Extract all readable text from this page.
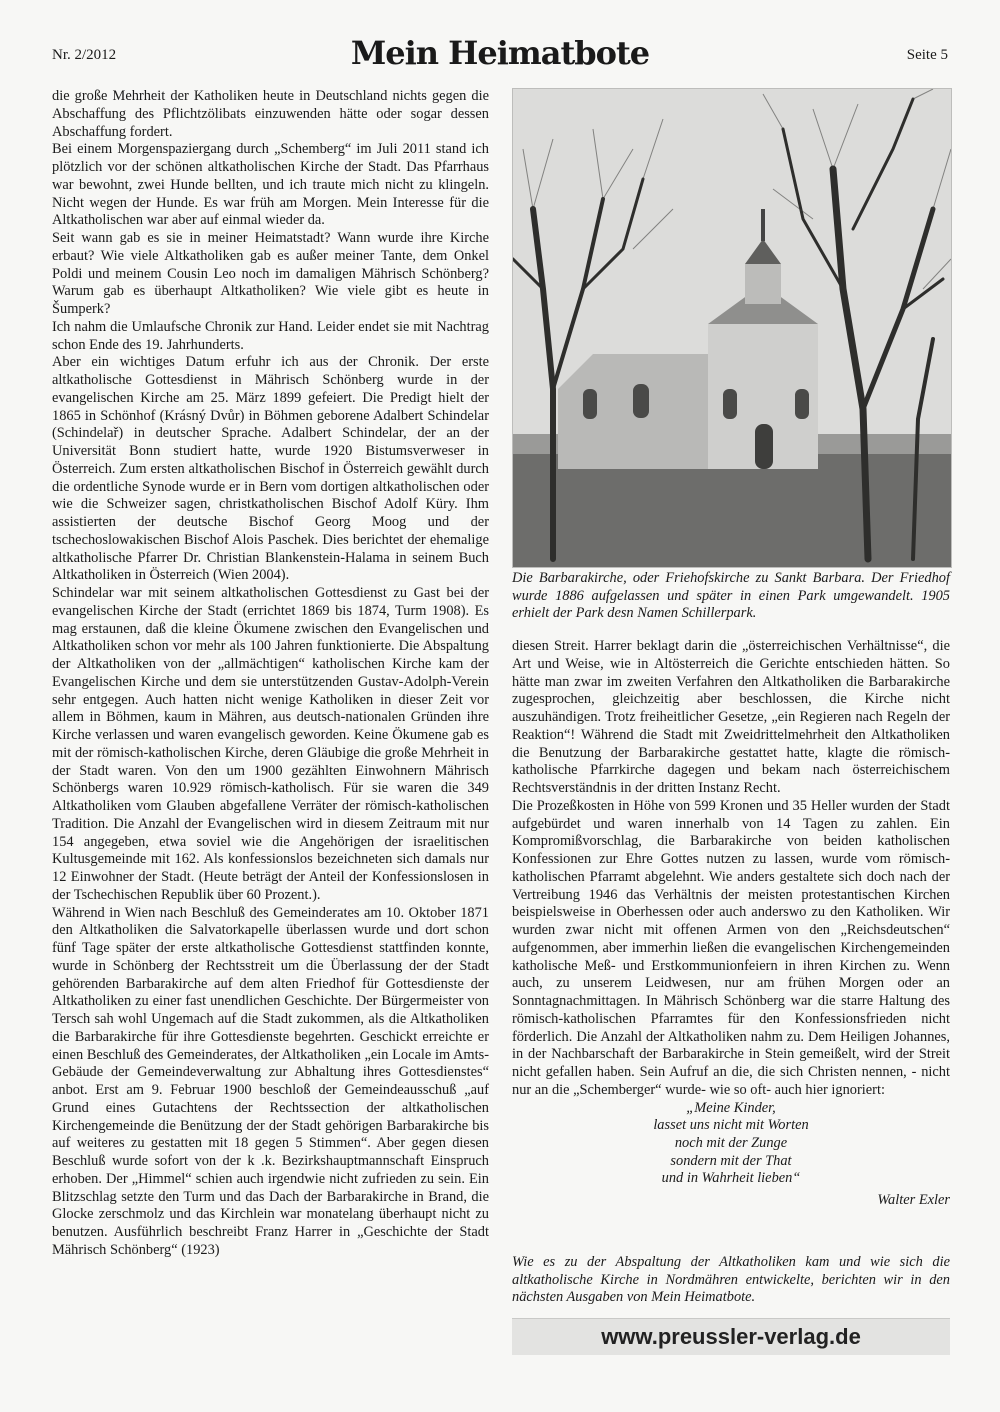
Nr. 2/2012	Mein Heimatbote	Seite 5

die große Mehrheit der Katholiken heute in Deutschland nichts gegen die Abschaffung des Pflichtzölibats einzuwenden hätte oder sogar dessen Abschaffung fordert.

Bei einem Morgenspaziergang durch „Schemberg“ im Juli 2011 stand ich plötzlich vor der schönen altkatholischen Kirche der Stadt. Das Pfarrhaus war bewohnt, zwei Hunde bellten, und ich traute mich nicht zu klingeln. Nicht wegen der Hunde. Es war früh am Morgen. Mein Interesse für die Altkatholischen war aber auf einmal wieder da.

Seit wann gab es sie in meiner Heimatstadt? Wann wurde ihre Kirche erbaut? Wie viele Altkatholiken gab es außer meiner Tante, dem Onkel Poldi und meinem Cousin Leo noch im damaligen Mährisch Schönberg? Warum gab es überhaupt Altkatholiken? Wie viele gibt es heute in Šumperk?

Ich nahm die Umlaufsche Chronik zur Hand. Leider endet sie mit Nachtrag schon Ende des 19. Jahrhunderts.

Aber ein wichtiges Datum erfuhr ich aus der Chronik. Der erste altkatholische Gottesdienst in Mährisch Schönberg wurde in der evangelischen Kirche am 25. März 1899 gefeiert. Die Predigt hielt der 1865 in Schönhof (Krásný Dvůr) in Böhmen geborene Adalbert Schindelar (Schindelař) in deutscher Sprache. Adalbert Schindelar, der an der Universität Bonn studiert hatte, wurde 1920 Bistumsverweser in Österreich. Zum ersten altkatholischen Bischof in Österreich gewählt durch die ordentliche Synode wurde er in Bern vom dortigen altkatholischen oder wie die Schweizer sagen, christkatholischen Bischof Adolf Küry. Ihm assistierten der deutsche Bischof Georg Moog und der tschechoslowakischen Bischof Alois Paschek. Dies berichtet der ehemalige altkatholische Pfarrer Dr. Christian Blankenstein-Halama in seinem Buch Altkatholiken in Österreich (Wien 2004).

Schindelar war mit seinem altkatholischen Gottesdienst zu Gast bei der evangelischen Kirche der Stadt (errichtet 1869 bis 1874, Turm 1908). Es mag erstaunen, daß die kleine Ökumene zwischen den Evangelischen und Altkatholiken schon vor mehr als 100 Jahren funktionierte. Die Abspaltung der Altkatholiken von der „allmächtigen“ katholischen Kirche kam der Evangelischen Kirche und dem sie unterstützenden Gustav-Adolph-Verein sehr entgegen. Auch hatten nicht wenige Katholiken in dieser Zeit vor allem in Böhmen, kaum in Mähren, aus deutsch-nationalen Gründen ihre Kirche verlassen und waren evangelisch geworden. Keine Ökumene gab es mit der römisch-katholischen Kirche, deren Gläubige die große Mehrheit in der Stadt waren. Von den um 1900 gezählten Einwohnern Mährisch Schönbergs waren 10.929 römisch-katholisch. Für sie waren die 349 Altkatholiken vom Glauben abgefallene Verräter der römisch-katholischen Tradition. Die Anzahl der Evangelischen wird in diesem Zeitraum mit nur 154 angegeben, etwa soviel wie die Angehörigen der israelitischen Kultusgemeinde mit 162. Als konfessionslos bezeichneten sich damals nur 12 Einwohner der Stadt. (Heute beträgt der Anteil der Konfessionslosen in der Tschechischen Republik über 60 Prozent.).

Während in Wien nach Beschluß des Gemeinderates am 10. Oktober 1871 den Altkatholiken die Salvatorkapelle überlassen wurde und dort schon fünf Tage später der erste altkatholische Gottesdienst stattfinden konnte, wurde in Schönberg der Rechtsstreit um die Überlassung der der Stadt gehörenden Barbarakirche auf dem alten Friedhof für Gottesdienste der Altkatholiken zu einer fast unendlichen Geschichte. Der Bürgermeister von Tersch sah wohl Ungemach auf die Stadt zukommen, als die Altkatholiken die Barbarakirche für ihre Gottesdienste begehrten. Geschickt erreichte er einen Beschluß des Gemeinderates, der Altkatholiken „ein Locale im Amts-Gebäude der Gemeindeverwaltung zur Abhaltung ihres Gottesdienstes“ anbot. Erst am 9. Februar 1900 beschloß der Gemeindeausschuß „auf Grund eines Gutachtens der Rechtssection der altkatholischen Kirchengemeinde die Benützung der der Stadt gehörigen Barbarakirche bis auf weiteres zu gestatten mit 18 gegen 5 Stimmen“. Aber gegen diesen Beschluß wurde sofort von der k .k. Bezirkshauptmannschaft Einspruch erhoben. Der „Himmel“ schien auch irgendwie nicht zufrieden zu sein. Ein Blitzschlag setzte den Turm und das Dach der Barbarakirche in Brand, die Glocke zerschmolz und das Kirchlein war monatelang überhaupt nicht zu benutzen. Ausführlich beschreibt Franz Harrer in „Geschichte der Stadt Mährisch Schönberg“ (1923)

Die Barbarakirche, oder Friehofskirche zu Sankt Barbara. Der Friedhof wurde 1886 aufgelassen und später in einen Park umgewandelt. 1905 erhielt der Park desn Namen Schillerpark.

diesen Streit. Harrer beklagt darin die „österreichischen Verhältnisse“, die Art und Weise, wie in Altösterreich die Gerichte entschieden hätten. So hätte man zwar im zweiten Verfahren den Altkatholiken die Barbarakirche zugesprochen, gleichzeitig aber beschlossen, die Kirche nicht auszuhändigen. Trotz freiheitlicher Gesetze, „ein Regieren nach Regeln der Reaktion“! Während die Stadt mit Zweidrittelmehrheit den Altkatholiken die Benutzung der Barbarakirche gestattet hatte, klagte die römisch-katholische Pfarrkirche dagegen und bekam nach österreichischem Rechtsverständnis in der dritten Instanz Recht.

Die Prozeßkosten in Höhe von 599 Kronen und 35 Heller wurden der Stadt aufgebürdet und waren innerhalb von 14 Tagen zu zahlen. Ein Kompromißvorschlag, die Barbarakirche von beiden katholischen Konfessionen zur Ehre Gottes nutzen zu lassen, wurde vom römisch-katholischen Pfarramt abgelehnt. Wie anders gestaltete sich doch nach der Vertreibung 1946 das Verhältnis der meisten protestantischen Kirchen beispielsweise in Oberhessen oder auch anderswo zu den Katholiken. Wir wurden zwar nicht mit offenen Armen von den „Reichsdeutschen“ aufgenommen, aber immerhin ließen die evangelischen Kirchengemeinden katholische Meß- und Erstkommunionfeiern in ihren Kirchen zu. Wenn auch, zu unserem Leidwesen, nur am frühen Morgen oder an Sonntagnachmittagen. In Mährisch Schönberg war die starre Haltung des römisch-katholischen Pfarramtes für den Konfessionsfrieden nicht förderlich. Die Anzahl der Altkatholiken nahm zu. Dem Heiligen Johannes, in der Nachbarschaft der Barbarakirche in Stein gemeißelt, wird der Streit nicht gefallen haben. Sein Aufruf an die, die sich Christen nennen, - nicht nur an die „Schemberger“ wurde- wie so oft- auch hier ignoriert:

„Meine Kinder,
lasset uns nicht mit Worten
noch mit der Zunge
sondern mit der That
und in Wahrheit lieben“
Walter Exler
Wie es zu der Abspaltung der Altkatholiken kam und wie sich die altkatholische Kirche in Nordmähren entwickelte, berichten wir in den nächsten Ausgaben von Mein Heimatbote.
www.preussler-verlag.de
